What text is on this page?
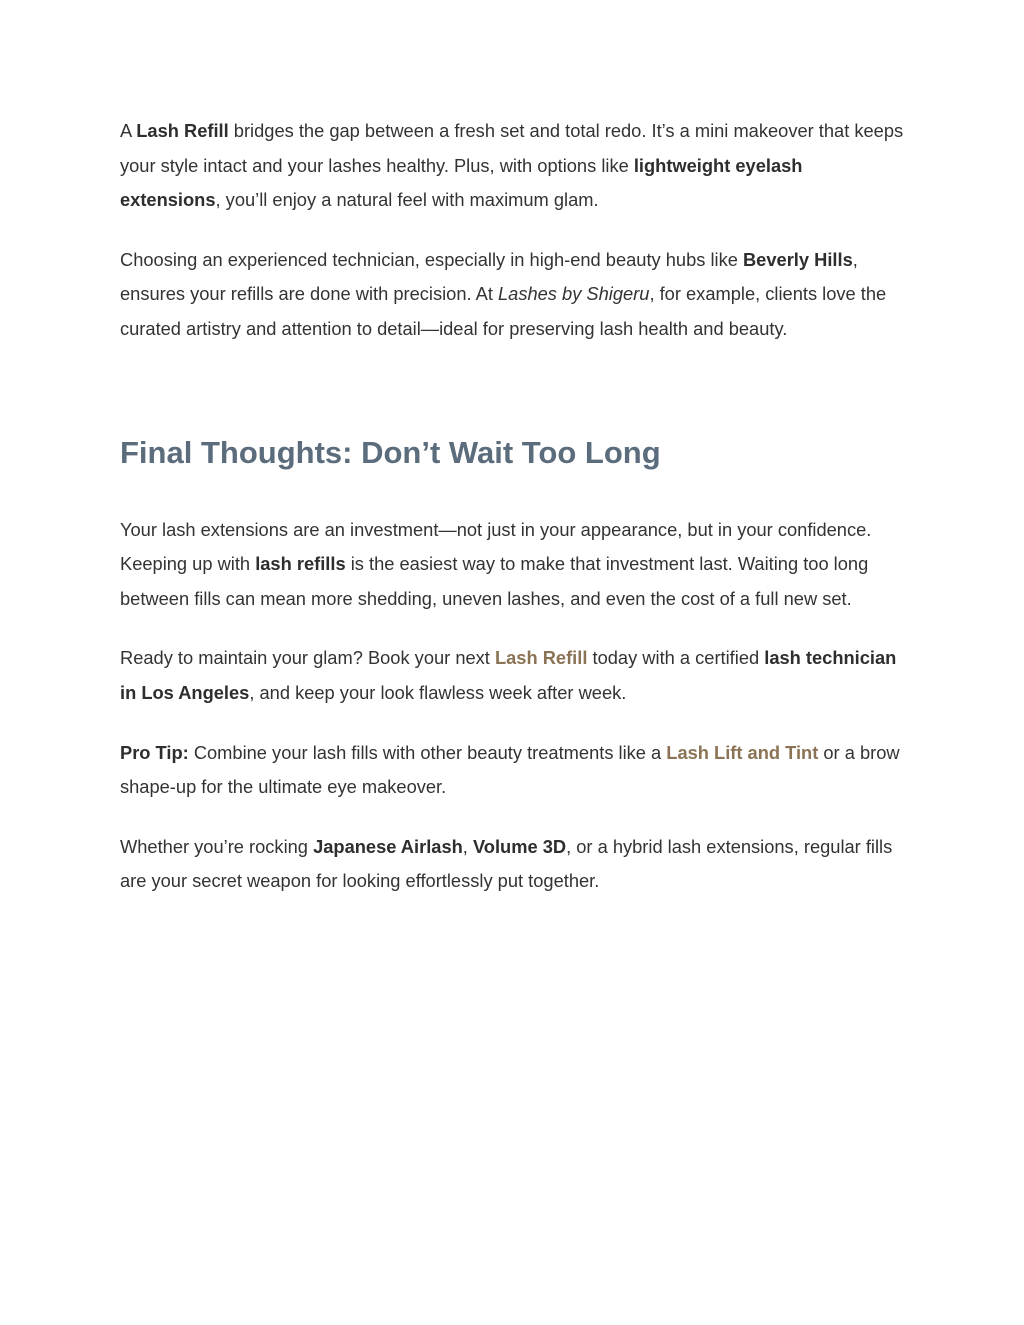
A Lash Refill bridges the gap between a fresh set and total redo. It’s a mini makeover that keeps your style intact and your lashes healthy. Plus, with options like lightweight eyelash extensions, you’ll enjoy a natural feel with maximum glam.

Choosing an experienced technician, especially in high-end beauty hubs like Beverly Hills, ensures your refills are done with precision. At Lashes by Shigeru, for example, clients love the curated artistry and attention to detail—ideal for preserving lash health and beauty.

Final Thoughts: Don’t Wait Too Long

Your lash extensions are an investment—not just in your appearance, but in your confidence. Keeping up with lash refills is the easiest way to make that investment last. Waiting too long between fills can mean more shedding, uneven lashes, and even the cost of a full new set.

Ready to maintain your glam? Book your next Lash Refill today with a certified lash technician in Los Angeles, and keep your look flawless week after week.

Pro Tip: Combine your lash fills with other beauty treatments like a Lash Lift and Tint or a brow shape-up for the ultimate eye makeover.

Whether you’re rocking Japanese Airlash, Volume 3D, or a hybrid lash extensions, regular fills are your secret weapon for looking effortlessly put together.
